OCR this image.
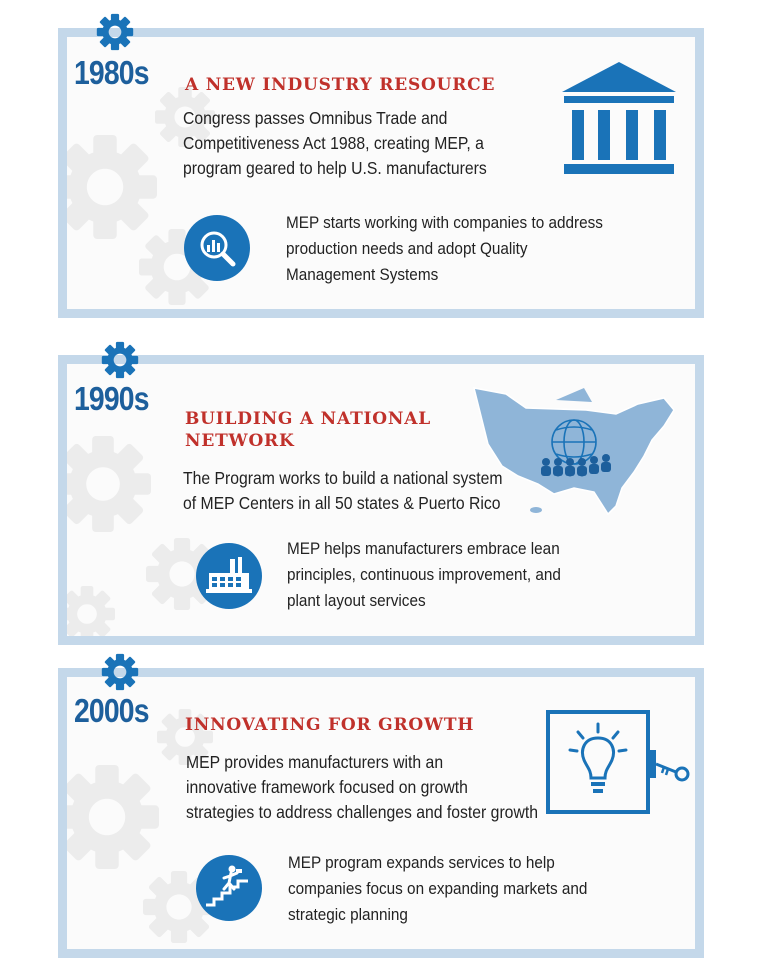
1980s A NEW INDUSTRY RESOURCE
Congress passes Omnibus Trade and
Competitiveness Act 1988, creating MEP, a
program geared to help U.S. manufacturers
MEP starts working with companies to address
production needs and adopt Quality
Management Systems
1990s
BUILDING A NATIONAL
NETWORK
The Program works to build a national system
of MEP Centers in all 50 states & Puerto Rico
MEP helps manufacturers embrace lean
principles, continuous improvement, and
plant layout services
2000s INNOVATING FOR GROWTH
MEP provides manufacturers with an
innovative framework focused on growth
strategies to address challenges and foster growth
MEP program expands services to help
companies focus on expanding markets and
strategic planning
